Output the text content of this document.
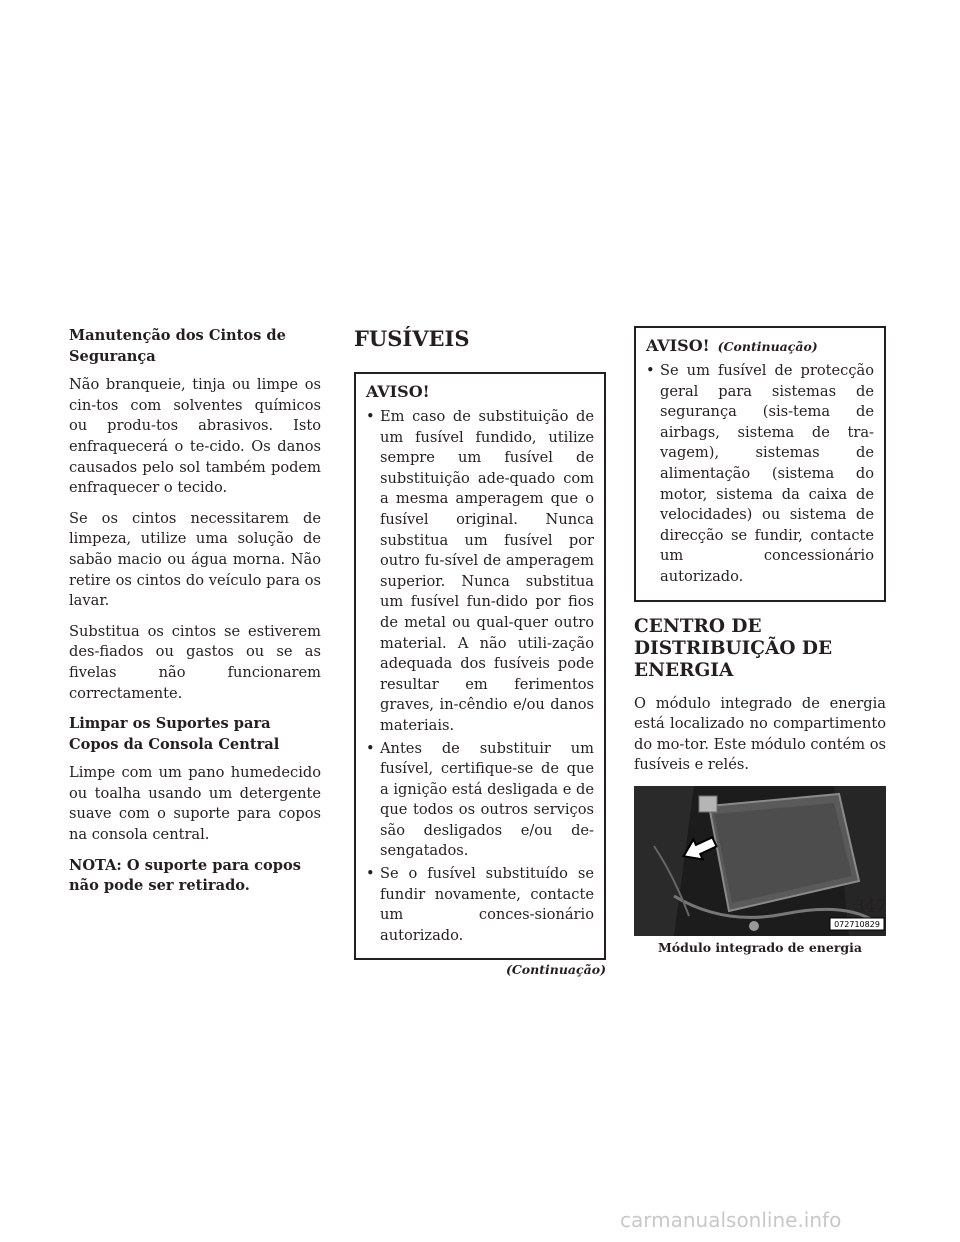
Manutenção dos Cintos de Segurança

Não branqueie, tinja ou limpe os cin-tos com solventes químicos ou produ-tos abrasivos. Isto enfraquecerá o te-cido. Os danos causados pelo sol também podem enfraquecer o tecido.

Se os cintos necessitarem de limpeza, utilize uma solução de sabão macio ou água morna. Não retire os cintos do veículo para os lavar.

Substitua os cintos se estiverem des-fiados ou gastos ou se as fivelas não funcionarem correctamente.

Limpar os Suportes para Copos da Consola Central

Limpe com um pano humedecido ou toalha usando um detergente suave com o suporte para copos na consola central.

NOTA: O suporte para copos não pode ser retirado.

FUSÍVEIS
AVISO!
• Em caso de substituição de um fusível fundido, utilize sempre um fusível de substituição ade-quado com a mesma amperagem que o fusível original. Nunca substitua um fusível por outro fu-sível de amperagem superior. Nunca substitua um fusível fun-dido por fios de metal ou qual-quer outro material. A não utili-zação adequada dos fusíveis pode resultar em ferimentos graves, in-cêndio e/ou danos materiais.
• Antes de substituir um fusível, certifique-se de que a ignição está desligada e de que todos os outros serviços são desligados e/ou de-sengatados.
• Se o fusível substituído se fundir novamente, contacte um conces-sionário autorizado.
(Continuação)
AVISO! (Continuação)
• Se um fusível de protecção geral para sistemas de segurança (sis-tema de airbags, sistema de tra-vagem), sistemas de alimentação (sistema do motor, sistema da caixa de velocidades) ou sistema de direcção se fundir, contacte um concessionário autorizado.
CENTRO DE DISTRIBUIÇÃO DE ENERGIA

O módulo integrado de energia está localizado no compartimento do mo-tor. Este módulo contém os fusíveis e relés.

072710829
Módulo integrado de energia
347
carmanualsonline.info
